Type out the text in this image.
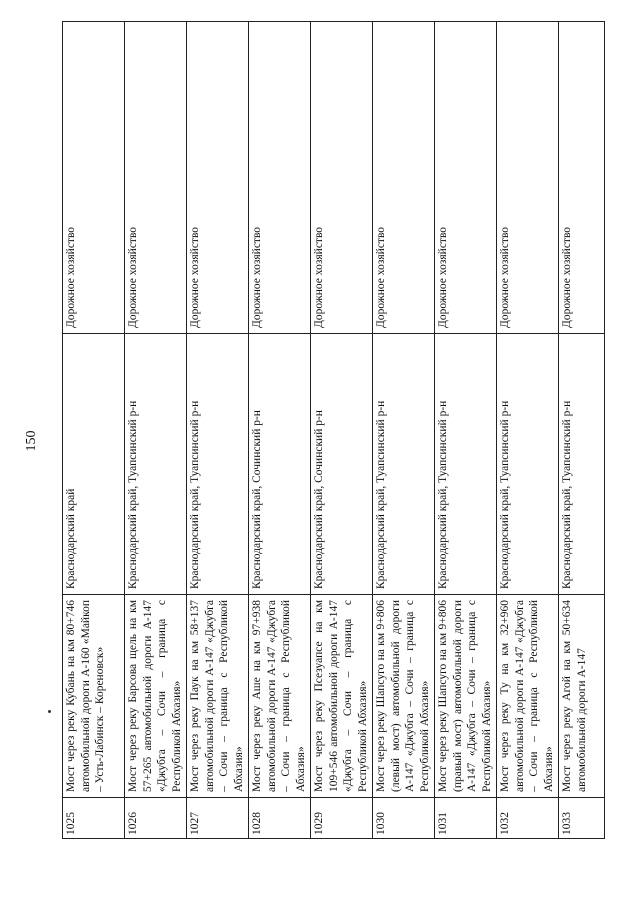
150
1025	Мост через реку Кубань на км 80+746 автомобильной дороги А-160 «Майкоп – Усть-Лабинск – Кореновск»	Краснодарский край	Дорожное хозяйство
1026	Мост через реку Барсова щель на км 57+265 автомобильной дороги А-147 «Джубга – Сочи – граница с Республикой Абхазия»	Краснодарский край, Туапсинский р-н	Дорожное хозяйство
1027	Мост через реку Паук на км 58+137 автомобильной дороги А-147 «Джубга – Сочи – граница с Республикой Абхазия»	Краснодарский край, Туапсинский р-н	Дорожное хозяйство
1028	Мост через реку Аше на км 97+938 автомобильной дороги А-147 «Джубга – Сочи – граница с Республикой Абхазия»	Краснодарский край, Сочинский р-н	Дорожное хозяйство
1029	Мост через реку Псезуапсе на км 109+546 автомобильной дороги А-147 «Джубга – Сочи – граница с Республикой Абхазия»	Краснодарский край, Сочинский р-н	Дорожное хозяйство
1030	Мост через реку Шапсуго на км 9+806 (левый мост) автомобильной дороги А-147 «Джубга – Сочи – граница с Республикой Абхазия»	Краснодарский край, Туапсинский р-н	Дорожное хозяйство
1031	Мост через реку Шапсуго на км 9+806 (правый мост) автомобильной дороги А-147 «Джубга – Сочи – граница с Республикой Абхазия»	Краснодарский край, Туапсинский р-н	Дорожное хозяйство
1032	Мост через реку Ту на км 32+960 автомобильной дороги А-147 «Джубга – Сочи – граница с Республикой Абхазия»	Краснодарский край, Туапсинский р-н	Дорожное хозяйство
1033	Мост через реку Агой на км 50+634 автомобильной дороги А-147	Краснодарский край, Туапсинский р-н	Дорожное хозяйство
